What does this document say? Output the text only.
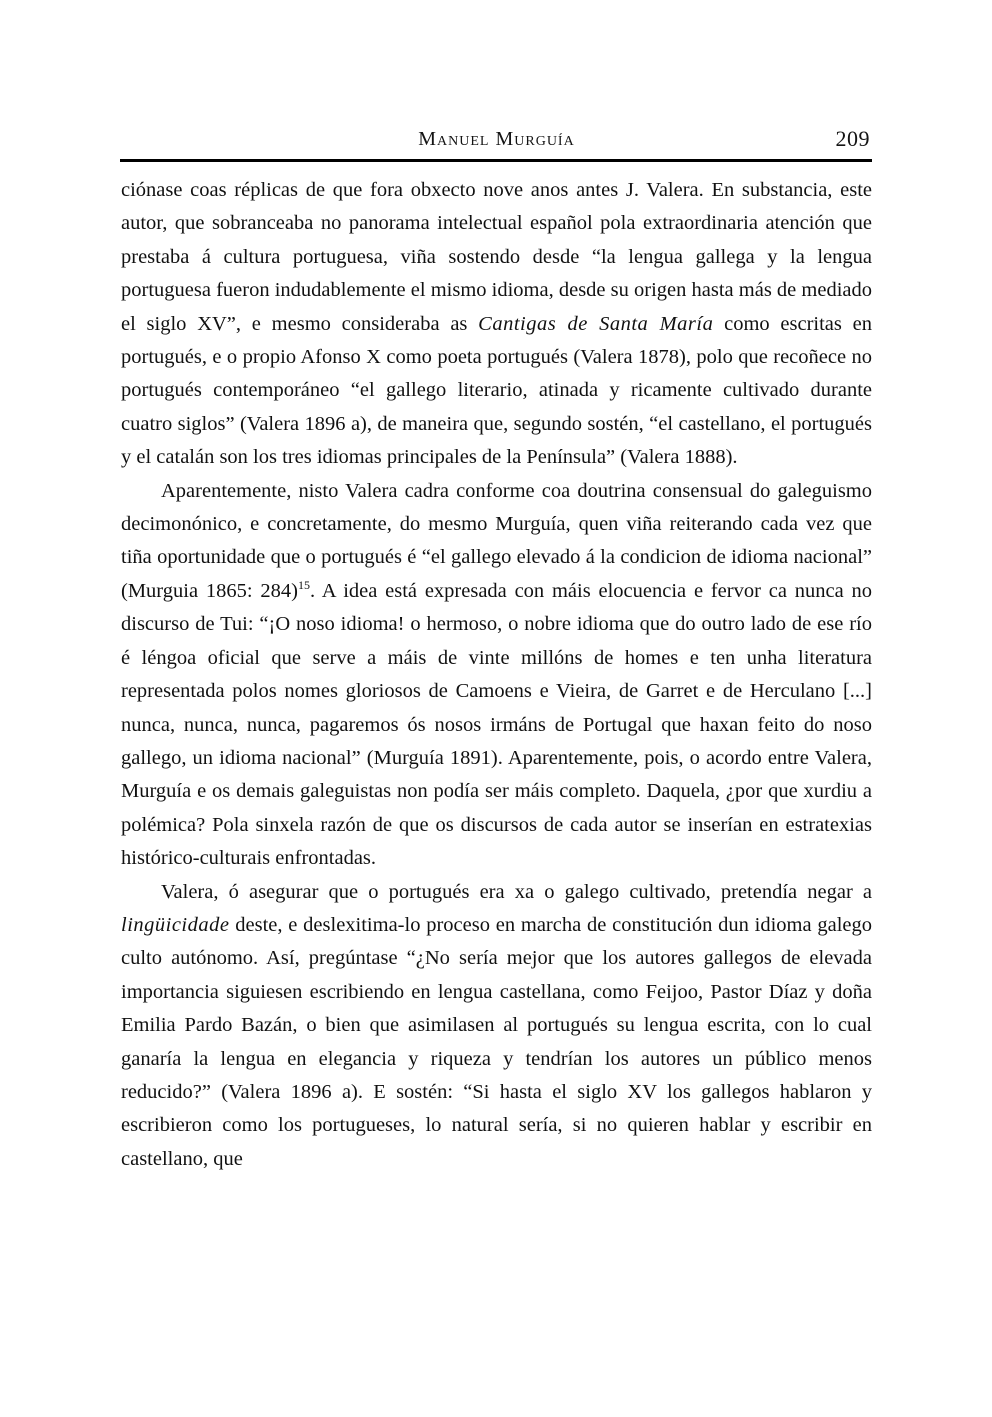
Manuel Murguía	209

ciónase coas réplicas de que fora obxecto nove anos antes J. Valera. En substancia, este autor, que sobranceaba no panorama intelectual español pola extraordinaria atención que prestaba á cultura portuguesa, viña sostendo desde “la lengua gallega y la lengua portuguesa fueron indudablemente el mismo idioma, desde su origen hasta más de mediado el siglo XV”, e mesmo consideraba as Cantigas de Santa María como escritas en portugués, e o propio Afonso X como poeta portugués (Valera 1878), polo que recoñece no portugués contemporáneo “el gallego literario, atinada y ricamente cultivado durante cuatro siglos” (Valera 1896 a), de maneira que, segundo sostén, “el castellano, el portugués y el catalán son los tres idiomas principales de la Península” (Valera 1888).

Aparentemente, nisto Valera cadra conforme coa doutrina consensual do galeguismo decimonónico, e concretamente, do mesmo Murguía, quen viña reiterando cada vez que tiña oportunidade que o portugués é “el gallego elevado á la condicion de idioma nacional” (Murguia 1865: 284)$^{15}$. A idea está expresada con máis elocuencia e fervor ca nunca no discurso de Tui: “¡O noso idioma! o hermoso, o nobre idioma que do outro lado de ese río é léngoa oficial que serve a máis de vinte millóns de homes e ten unha literatura representada polos nomes gloriosos de Camoens e Vieira, de Garret e de Herculano [...] nunca, nunca, nunca, pagaremos ós nosos irmáns de Portugal que haxan feito do noso gallego, un idioma nacional” (Murguía 1891). Aparentemente, pois, o acordo entre Valera, Murguía e os demais galeguistas non podía ser máis completo. Daquela, ¿por que xurdiu a polémica? Pola sinxela razón de que os discursos de cada autor se inserían en estratexias histórico-culturais enfrontadas.

Valera, ó asegurar que o portugués era xa o galego cultivado, pretendía negar a lingüicidade deste, e deslexitima-lo proceso en marcha de constitución dun idioma galego culto autónomo. Así, pregúntase “¿No sería mejor que los autores gallegos de elevada importancia siguiesen escribiendo en lengua castellana, como Feijoo, Pastor Díaz y doña Emilia Pardo Bazán, o bien que asimilasen al portugués su lengua escrita, con lo cual ganaría la lengua en elegancia y riqueza y tendrían los autores un público menos reducido?” (Valera 1896 a). E sostén: “Si hasta el siglo XV los gallegos hablaron y escribieron como los portugueses, lo natural sería, si no quieren hablar y escribir en castellano, que
